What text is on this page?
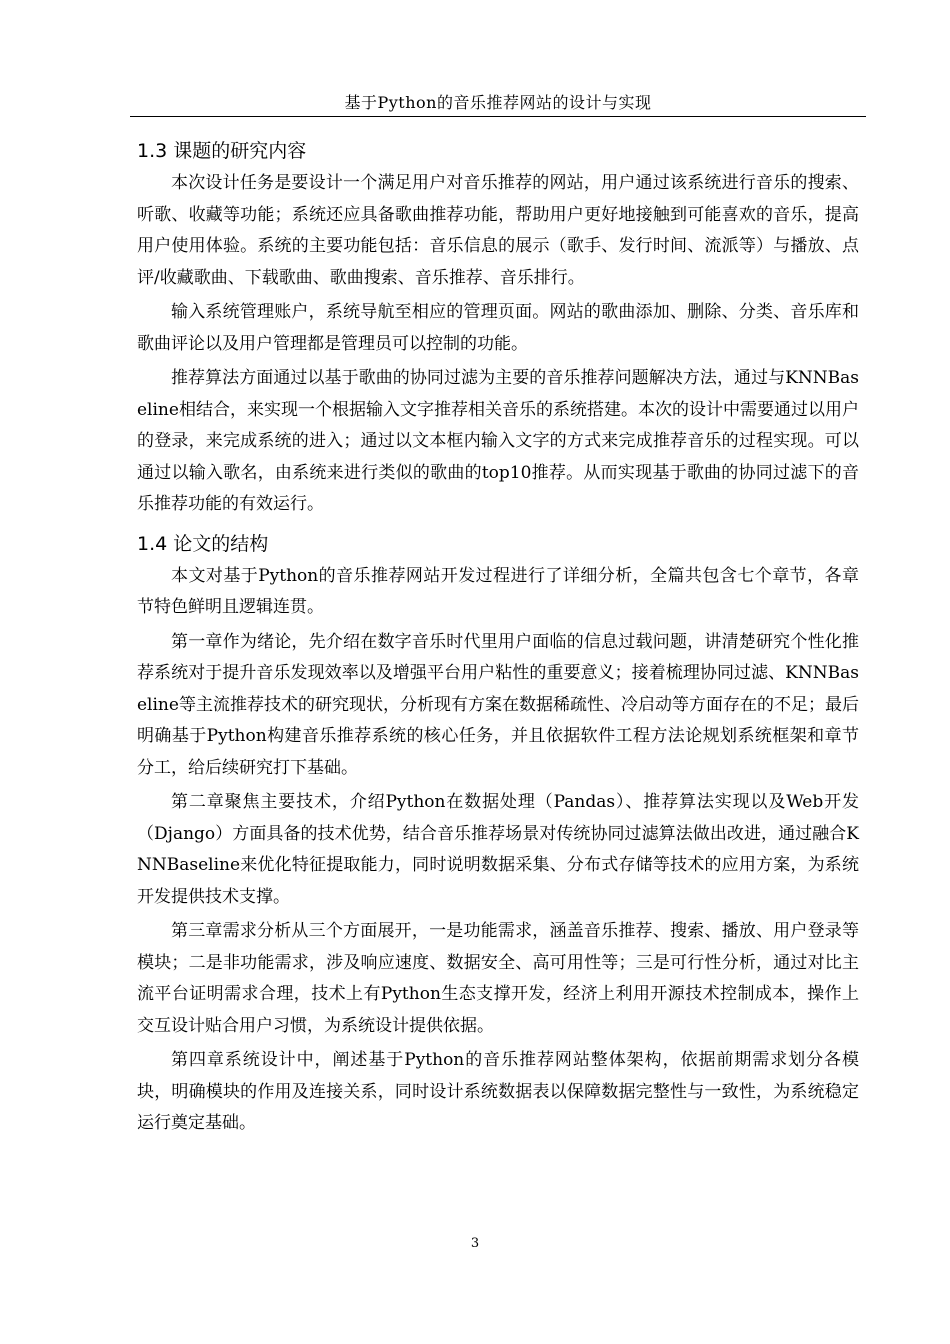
基于Python的音乐推荐网站的设计与实现
1.3 课题的研究内容

本次设计任务是要设计一个满足用户对音乐推荐的网站，用户通过该系统进行音乐的搜索、听歌、收藏等功能；系统还应具备歌曲推荐功能，帮助用户更好地接触到可能喜欢的音乐，提高用户使用体验。系统的主要功能包括：音乐信息的展示（歌手、发行时间、流派等）与播放、点评/收藏歌曲、下载歌曲、歌曲搜索、音乐推荐、音乐排行。

输入系统管理账户，系统导航至相应的管理页面。网站的歌曲添加、删除、分类、音乐库和歌曲评论以及用户管理都是管理员可以控制的功能。

推荐算法方面通过以基于歌曲的协同过滤为主要的音乐推荐问题解决方法，通过与KNNBaseline相结合，来实现一个根据输入文字推荐相关音乐的系统搭建。本次的设计中需要通过以用户的登录，来完成系统的进入；通过以文本框内输入文字的方式来完成推荐音乐的过程实现。可以通过以输入歌名，由系统来进行类似的歌曲的top10推荐。从而实现基于歌曲的协同过滤下的音乐推荐功能的有效运行。

1.4 论文的结构

本文对基于Python的音乐推荐网站开发过程进行了详细分析，全篇共包含七个章节，各章节特色鲜明且逻辑连贯。

第一章作为绪论，先介绍在数字音乐时代里用户面临的信息过载问题，讲清楚研究个性化推荐系统对于提升音乐发现效率以及增强平台用户粘性的重要意义；接着梳理协同过滤、KNNBaseline等主流推荐技术的研究现状，分析现有方案在数据稀疏性、冷启动等方面存在的不足；最后明确基于Python构建音乐推荐系统的核心任务，并且依据软件工程方法论规划系统框架和章节分工，给后续研究打下基础。

第二章聚焦主要技术，介绍Python在数据处理（Pandas）、推荐算法实现以及Web开发（Django）方面具备的技术优势，结合音乐推荐场景对传统协同过滤算法做出改进，通过融合KNNBaseline来优化特征提取能力，同时说明数据采集、分布式存储等技术的应用方案，为系统开发提供技术支撑。

第三章需求分析从三个方面展开，一是功能需求，涵盖音乐推荐、搜索、播放、用户登录等模块；二是非功能需求，涉及响应速度、数据安全、高可用性等；三是可行性分析，通过对比主流平台证明需求合理，技术上有Python生态支撑开发，经济上利用开源技术控制成本，操作上交互设计贴合用户习惯，为系统设计提供依据。

第四章系统设计中，阐述基于Python的音乐推荐网站整体架构，依据前期需求划分各模块，明确模块的作用及连接关系，同时设计系统数据表以保障数据完整性与一致性，为系统稳定运行奠定基础。

3
